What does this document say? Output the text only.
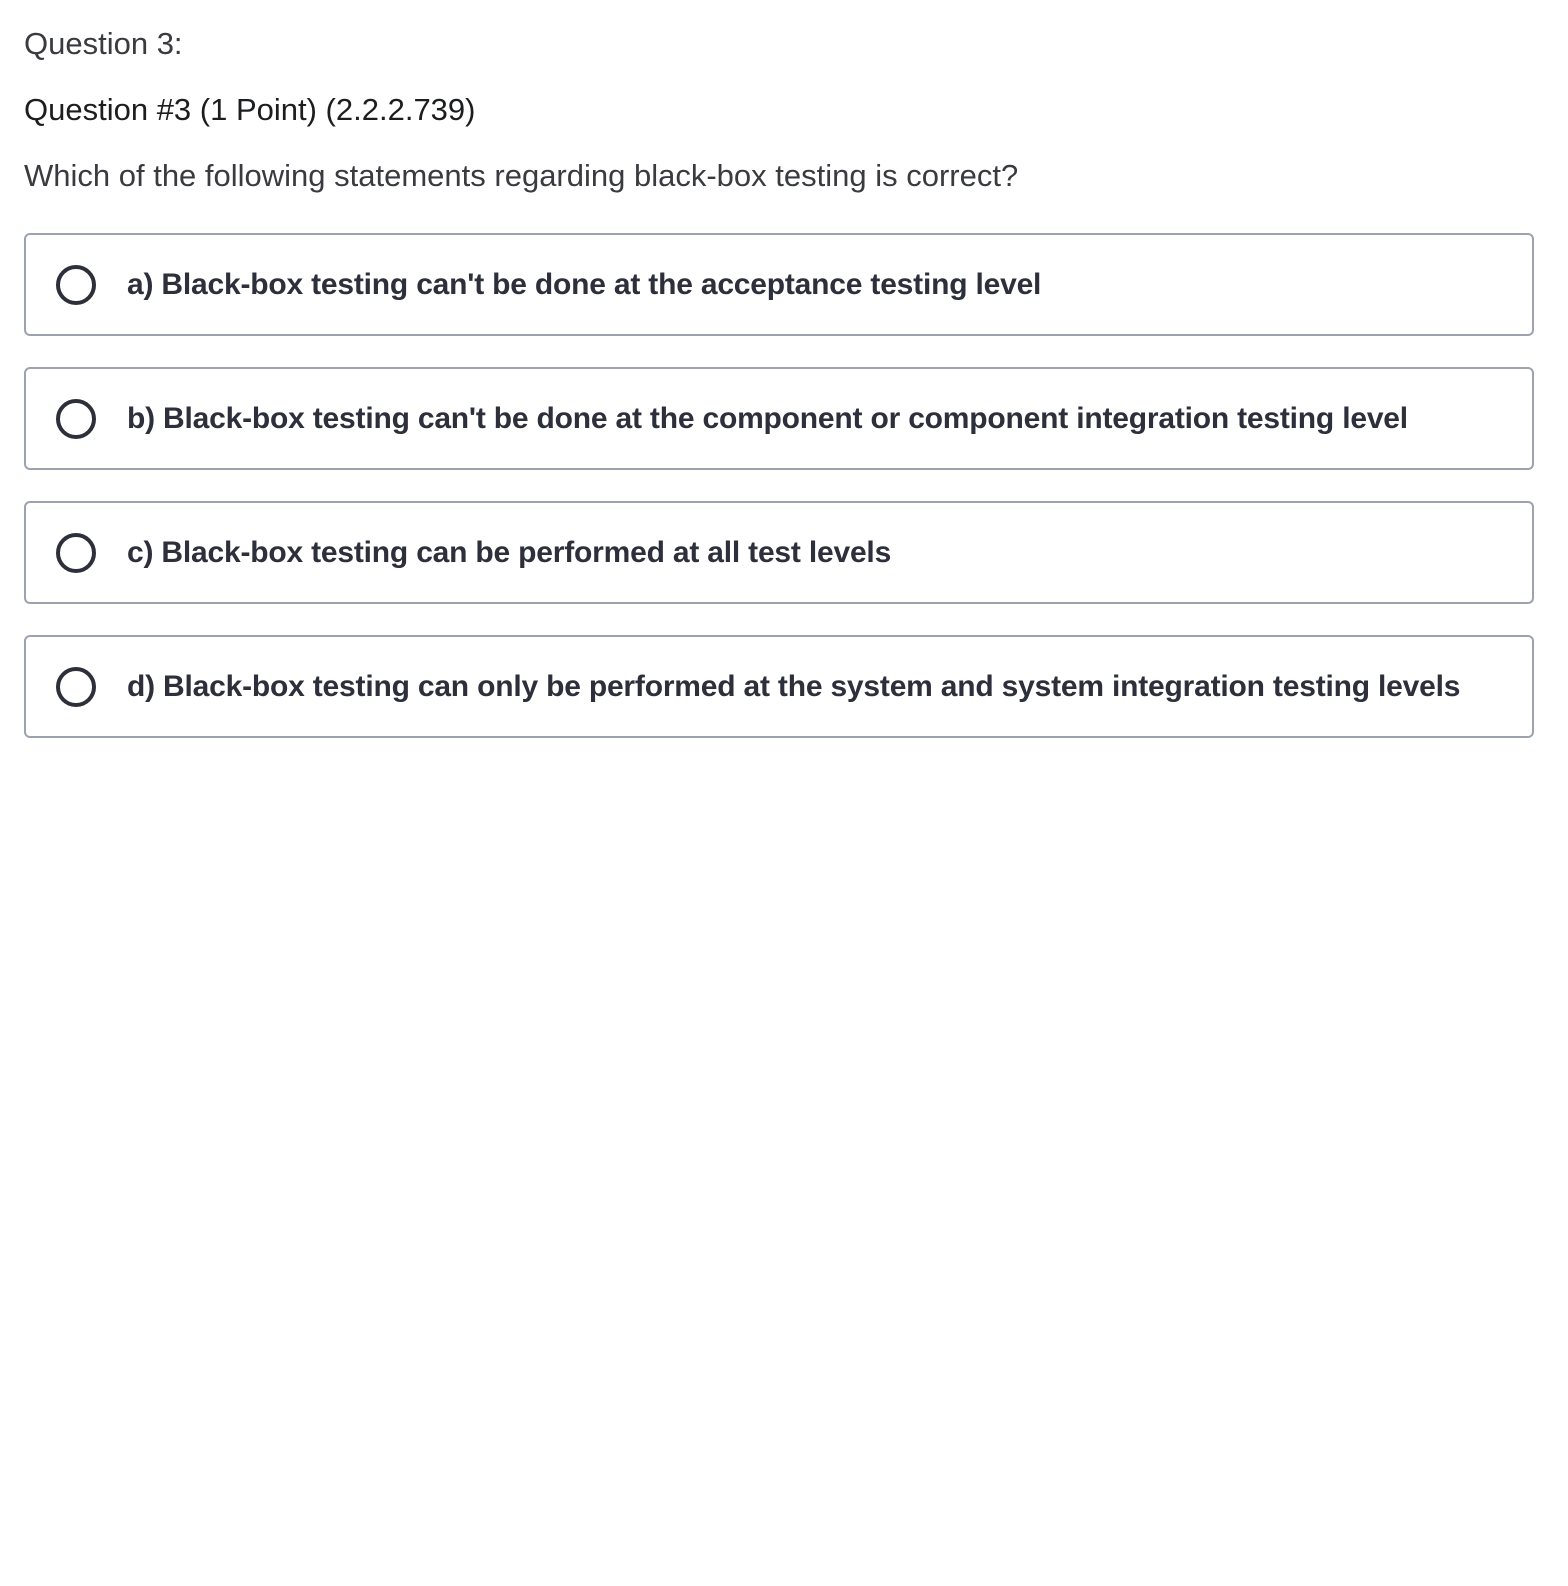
Question 3:
Question #3 (1 Point) (2.2.2.739)
Which of the following statements regarding black-box testing is correct?
a) Black-box testing can't be done at the acceptance testing level
b) Black-box testing can't be done at the component or component integration testing level
c) Black-box testing can be performed at all test levels
d) Black-box testing can only be performed at the system and system integration testing levels
